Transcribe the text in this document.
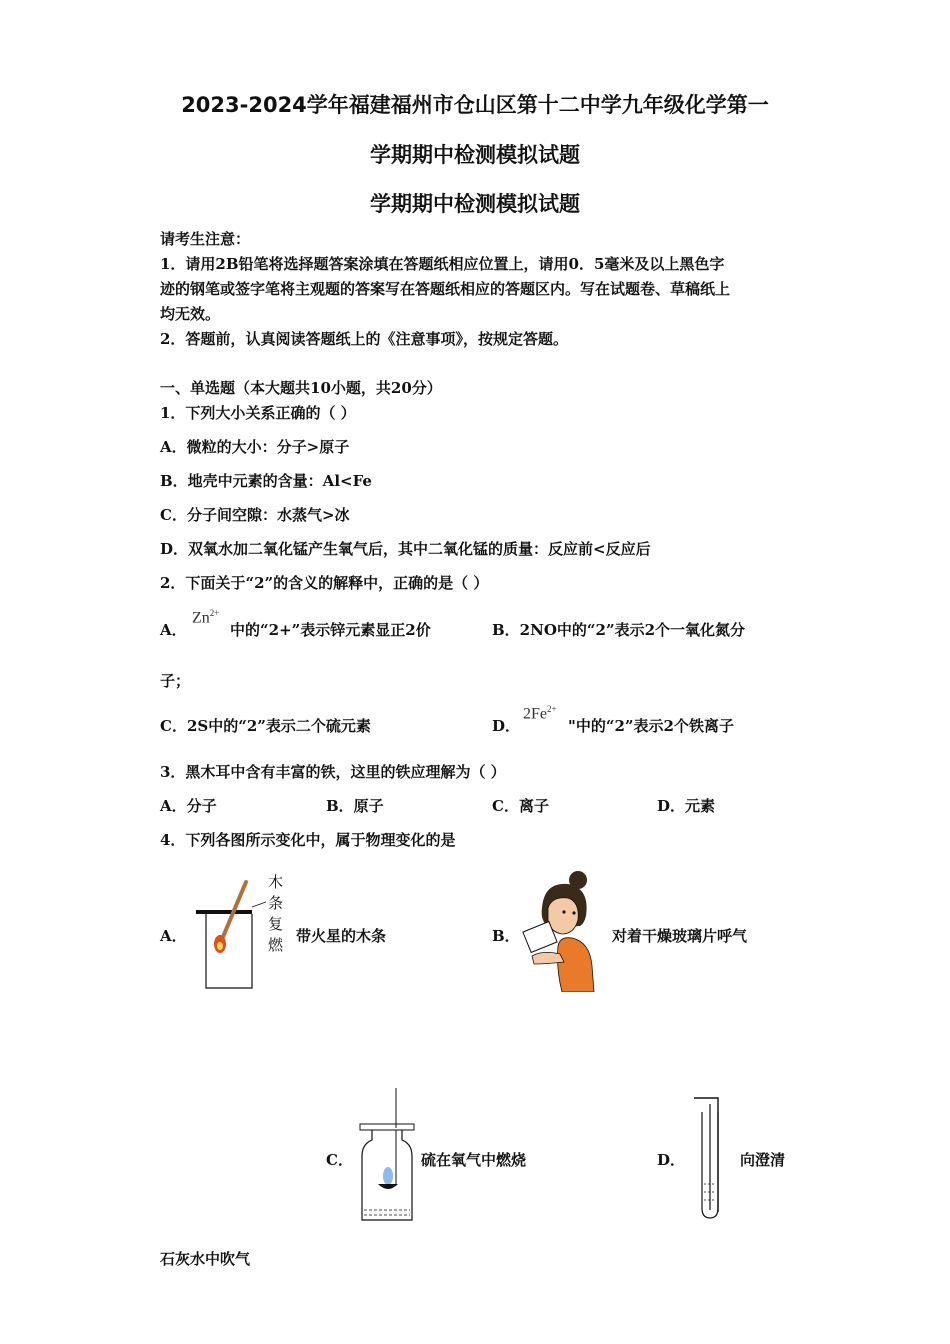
2023-2024学年福建福州市仓山区第十二中学九年级化学第一
学期期中检测模拟试题
学期期中检测模拟试题
请考生注意：
1．请用2B铅笔将选择题答案涂填在答题纸相应位置上，请用0．5毫米及以上黑色字
迹的钢笔或签字笔将主观题的答案写在答题纸相应的答题区内。写在试题卷、草稿纸上
均无效。
2．答题前，认真阅读答题纸上的《注意事项》，按规定答题。
一、单选题（本大题共10小题，共20分）
1．下列大小关系正确的（ ）
A．微粒的大小：分子>原子
B．地壳中元素的含量：Al<Fe
C．分子间空隙：水蒸气>冰
D．双氧水加二氧化锰产生氧气后，其中二氧化锰的质量：反应前<反应后
2．下面关于“2”的含义的解释中，正确的是（ ）
A．
$Zn^{2+}$
中的“2+”表示锌元素显正2价	B．2NO中的“2”表示2个一氧化氮分
子；
C．2S中的“2”表示二个硫元素	D．
$2Fe^{2+}$
"中的“2”表示2个铁离子
3．黑木耳中含有丰富的铁，这里的铁应理解为（ ）
A．分子	B．原子	C．离子	D．元素
4．下列各图所示变化中，属于物理变化的是
A．
木
条
复
燃 带火星的木条	B．	对着干燥玻璃片呼气
C．	硫在氧气中燃烧	D．	向澄清
石灰水中吹气
